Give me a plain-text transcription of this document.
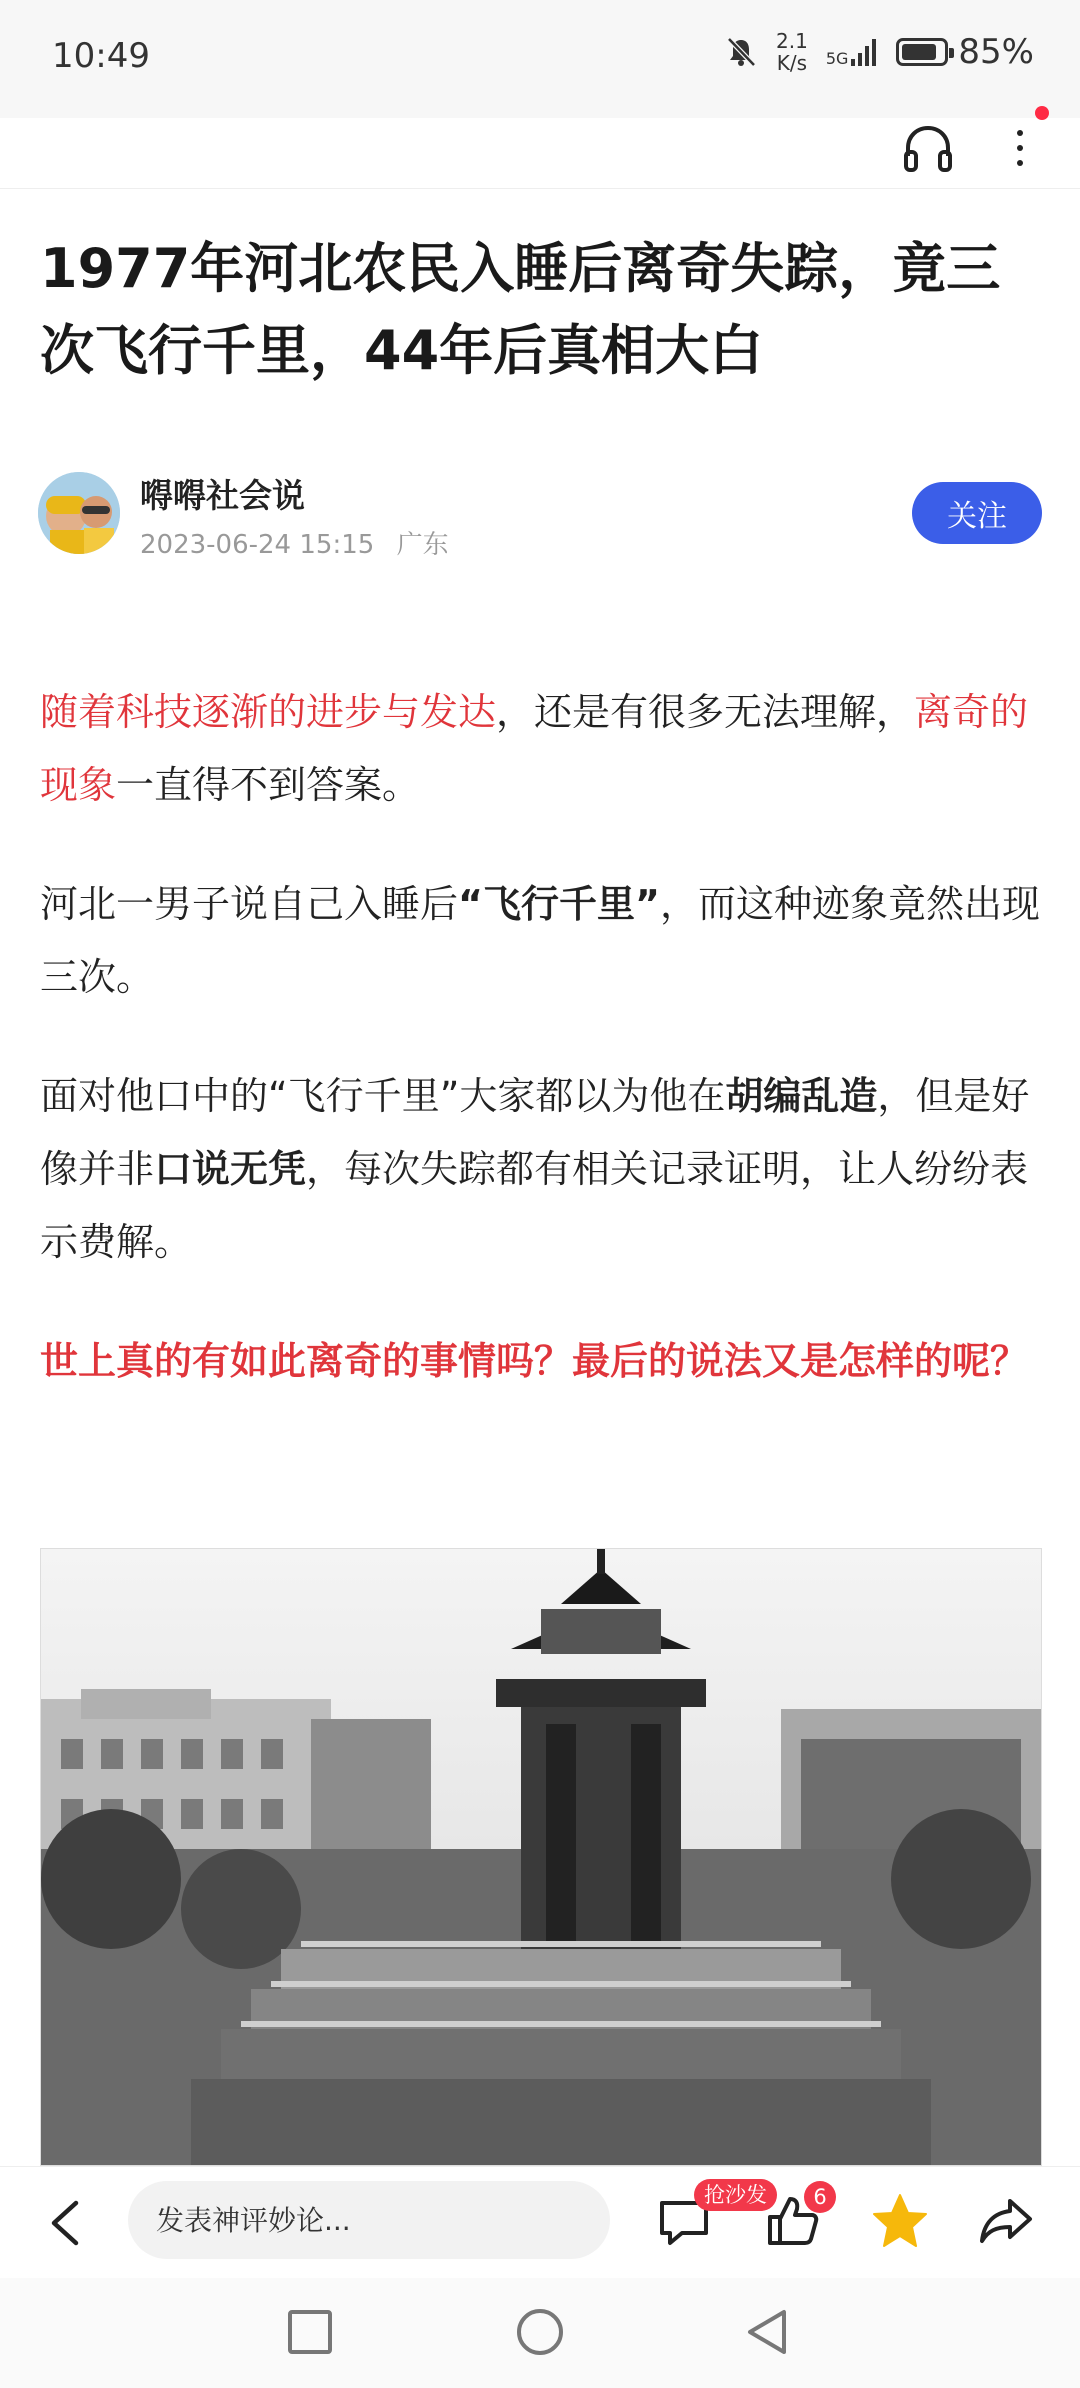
10:49	2.1
K/s 5G	85%
1977年河北农民入睡后离奇失踪，竟三次飞行千里，44年后真相大白
嘚嘚社会说
2023-06-24 15:15 广东
关注

随着科技逐渐的进步与发达，还是有很多无法理解，离奇的现象一直得不到答案。

河北一男子说自己入睡后“飞行千里”，而这种迹象竟然出现三次。

面对他口中的“飞行千里”大家都以为他在胡编乱造，但是好像并非口说无凭，每次失踪都有相关记录证明，让人纷纷表示费解。

世上真的有如此离奇的事情吗？最后的说法又是怎样的呢？

发表神评妙论...
抢沙发	6
